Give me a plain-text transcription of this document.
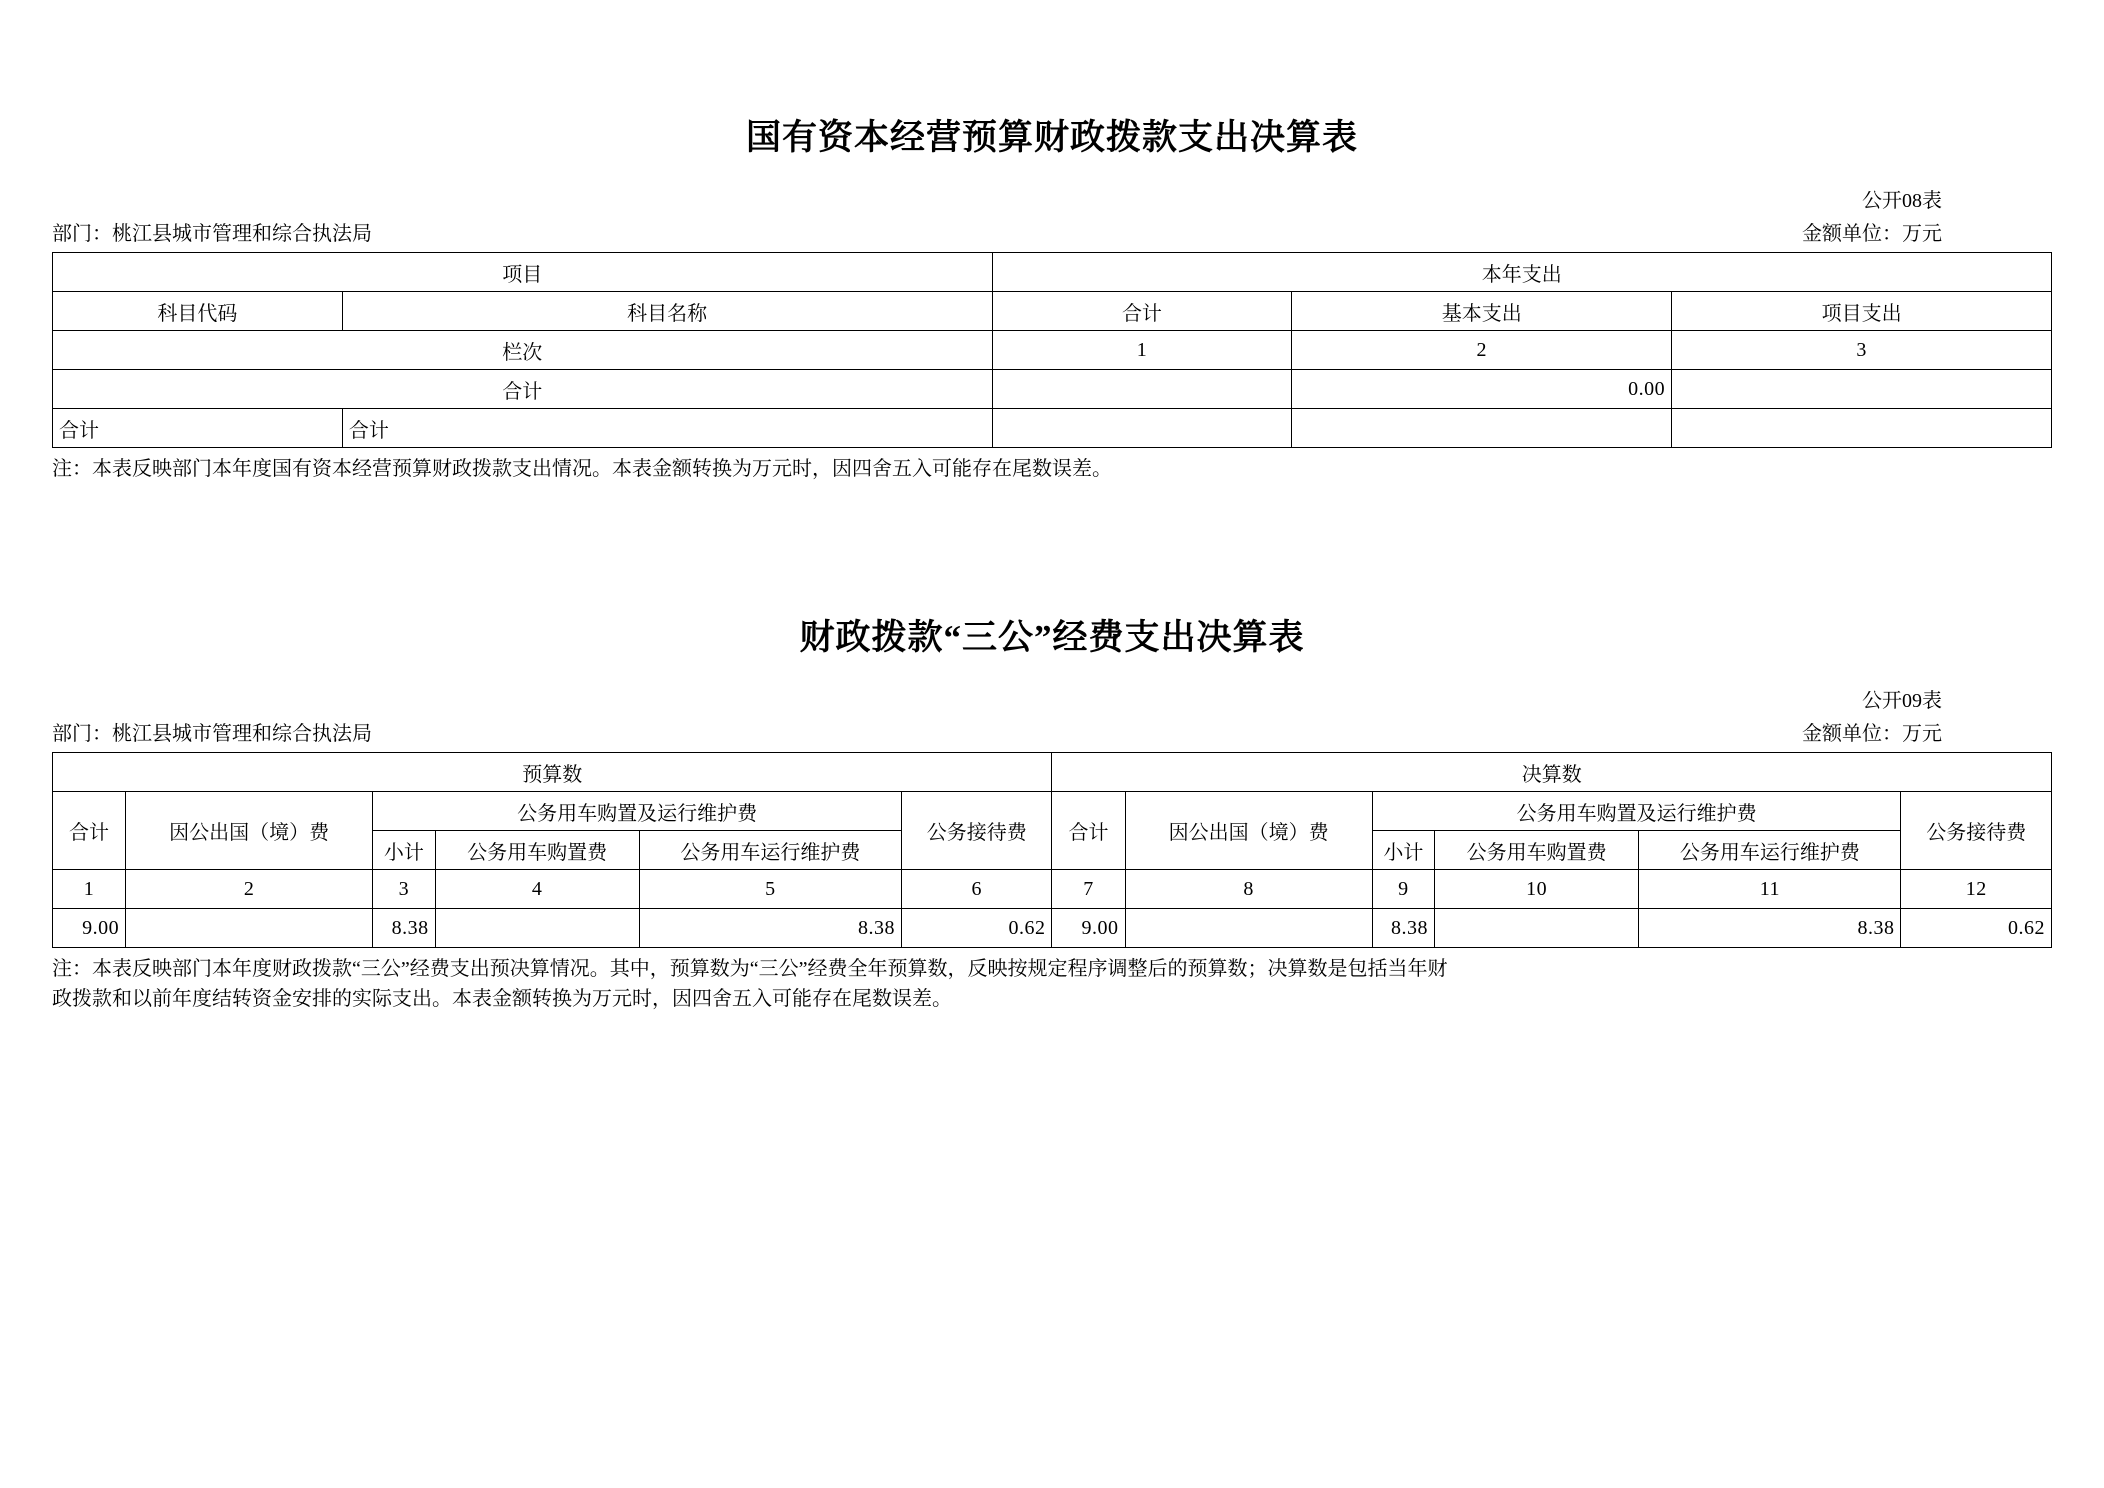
国有资本经营预算财政拨款支出决算表
公开08表
部门：桃江县城市管理和综合执法局	金额单位：万元
项目		本年支出		
科目代码	科目名称	合计	基本支出	项目支出
栏次		1	2	3
合计			0.00	
合计	合计			
注：本表反映部门本年度国有资本经营预算财政拨款支出情况。本表金额转换为万元时，因四舍五入可能存在尾数误差。
财政拨款“三公”经费支出决算表
公开09表
部门：桃江县城市管理和综合执法局	金额单位：万元
预算数						决算数					
合计	因公出国（境）费	公务用车购置及运行维护费			公务接待费	合计	因公出国（境）费	公务用车购置及运行维护费			公务接待费
		小计	公务用车购置费	公务用车运行维护费				小计	公务用车购置费	公务用车运行维护费	
1	2	3	4	5	6	7	8	9	10	11	12
9.00		8.38		8.38	0.62	9.00		8.38		8.38	0.62
注：本表反映部门本年度财政拨款“三公”经费支出预决算情况。其中，预算数为“三公”经费全年预算数，反映按规定程序调整后的预算数；决算数是包括当年财
政拨款和以前年度结转资金安排的实际支出。本表金额转换为万元时，因四舍五入可能存在尾数误差。
